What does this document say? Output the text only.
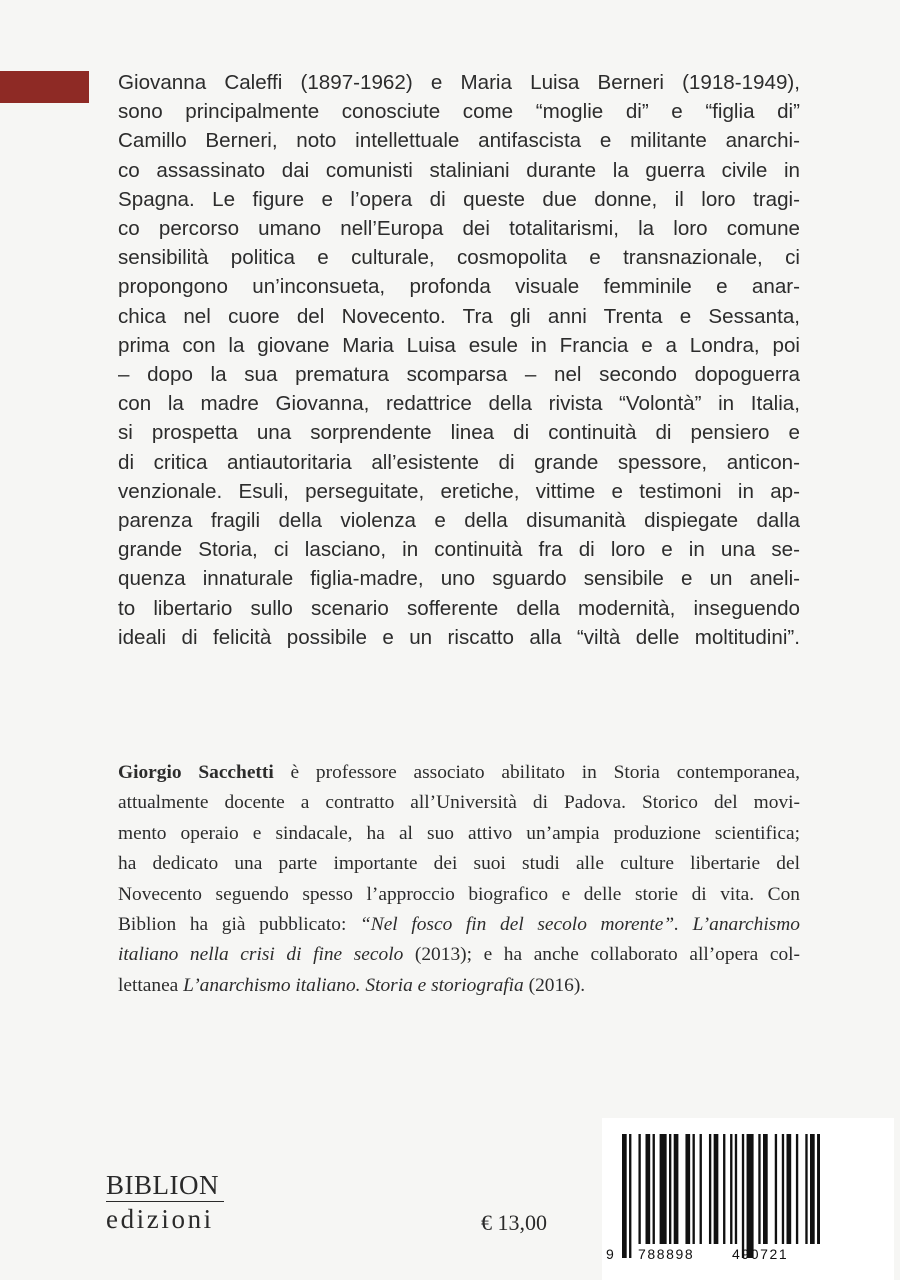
Giovanna Caleffi (1897-1962) e Maria Luisa Berneri (1918-1949),
sono principalmente conosciute come “moglie di” e “figlia di”
Camillo Berneri, noto intellettuale antifascista e militante anarchi-
co assassinato dai comunisti staliniani durante la guerra civile in
Spagna. Le figure e l’opera di queste due donne, il loro tragi-
co percorso umano nell’Europa dei totalitarismi, la loro comune
sensibilità politica e culturale, cosmopolita e transnazionale, ci
propongono un’inconsueta, profonda visuale femminile e anar-
chica nel cuore del Novecento. Tra gli anni Trenta e Sessanta,
prima con la giovane Maria Luisa esule in Francia e a Londra, poi
– dopo la sua prematura scomparsa – nel secondo dopoguerra
con la madre Giovanna, redattrice della rivista “Volontà” in Italia,
si prospetta una sorprendente linea di continuità di pensiero e
di critica antiautoritaria all’esistente di grande spessore, anticon-
venzionale. Esuli, perseguitate, eretiche, vittime e testimoni in ap-
parenza fragili della violenza e della disumanità dispiegate dalla
grande Storia, ci lasciano, in continuità fra di loro e in una se-
quenza innaturale figlia-madre, uno sguardo sensibile e un aneli-
to libertario sullo scenario sofferente della modernità, inseguendo
ideali di felicità possibile e un riscatto alla “viltà delle moltitudini”.
Giorgio Sacchetti è professore associato abilitato in Storia contemporanea,
attualmente docente a contratto all’Università di Padova. Storico del movi-
mento operaio e sindacale, ha al suo attivo un’ampia produzione scientifica;
ha dedicato una parte importante dei suoi studi alle culture libertarie del
Novecento seguendo spesso l’approccio biografico e delle storie di vita. Con
Biblion ha già pubblicato: “Nel fosco fin del secolo morente”. L’anarchismo
italiano nella crisi di fine secolo (2013); e ha anche collaborato all’opera col-
lettanea L’anarchismo italiano. Storia e storiografia (2016).
BIBLION
edizioni	€ 13,00
9 788898	490721
